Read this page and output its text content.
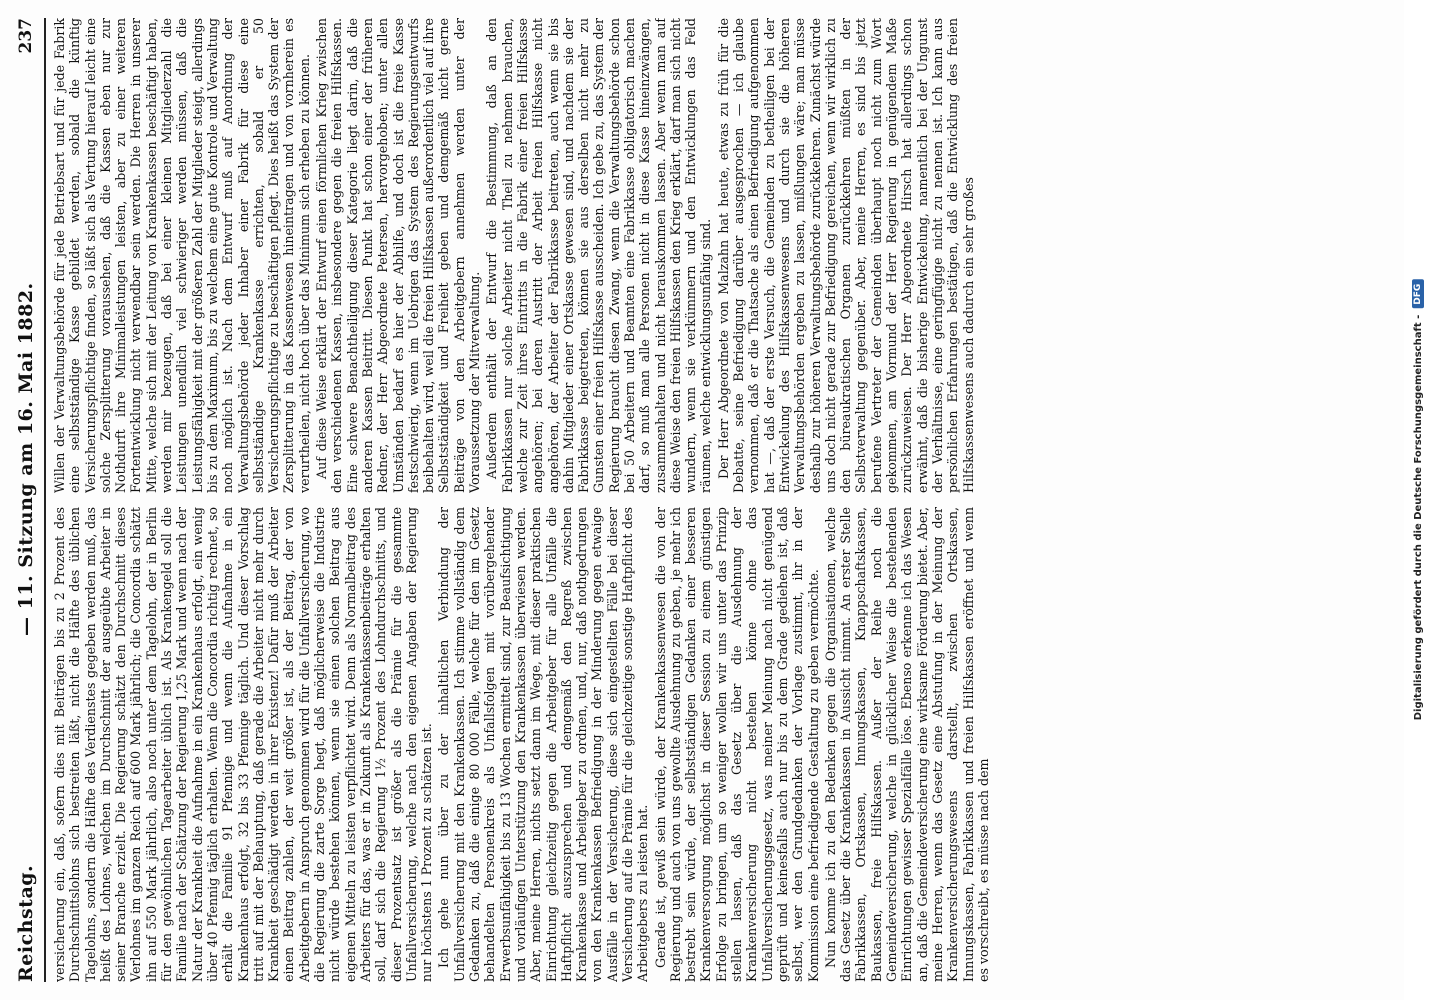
Reichstag.
— 11. Sitzung am 16. Mai 1882.
237

versicherung ein, daß, sofern dies mit Beiträgen bis zu 2 Prozent des Durchschnittslohns sich bestreiten läßt, nicht die Hälfte des üblichen Tagelohns, sondern die Hälfte des Verdienstes gegeben werden muß, das heißt des Lohnes, welchen im Durchschnitt der ausgeübte Arbeiter in seiner Branche erzielt. Die Regierung schätzt den Durchschnitt dieses Verlohnes im ganzen Reich auf 600 Mark jährlich; die Concordia schätzt ihn auf 550 Mark jährlich, also noch unter dem Tagelohn, der in Berlin für den gewöhnlichen Tagearbeiter üblich ist. Als Krankengeld soll die Familie nach der Schätzung der Regierung 1,25 Mark und wenn nach der Natur der Krankheit die Aufnahme in ein Krankenhaus erfolgt, ein wenig über 40 Pfennig täglich erhalten. Wenn die Concordia richtig rechnet, so erhält die Familie 91 Pfennige und wenn die Aufnahme in ein Krankenhaus erfolgt, 32 bis 33 Pfennige täglich. Und dieser Vorschlag tritt auf mit der Behauptung, daß gerade die Arbeiter nicht mehr durch Krankheit geschädigt werden in ihrer Existenz! Dafür muß der Arbeiter einen Beitrag zahlen, der weit größer ist, als der Beitrag, der von Arbeitgebern in Anspruch genommen wird für die Unfallversicherung, wo die Regierung die zarte Sorge hegt, daß möglicherweise die Industrie nicht würde bestehen können, wenn sie einen solchen Beitrag aus eigenen Mitteln zu leisten verpflichtet wird. Denn als Normalbeitrag des Arbeiters für das, was er in Zukunft als Krankenkassenbeiträge erhalten soll, darf sich die Regierung 1½ Prozent des Lohndurchschnitts, und dieser Prozentsatz ist größer als die Prämie für die gesammte Unfallversicherung, welche nach den eigenen Angaben der Regierung nur höchstens 1 Prozent zu schätzen ist. Ich gehe nun über zu der inhaltlichen Verbindung der Unfallversicherung mit den Krankenkassen. Ich stimme vollständig dem Gedanken zu, daß die einige 80 000 Fälle, welche für den im Gesetz behandelten Personenkreis als Unfallsfolgen mit vorübergehender Erwerbsunfähigkeit bis zu 13 Wochen ermittelt sind, zur Beaufsichtigung und vorläufigen Unterstützung den Krankenkassen überwiesen werden. Aber, meine Herren, nichts setzt dann im Wege, mit dieser praktischen Einrichtung gleichzeitig gegen die Arbeitgeber für alle Unfälle die Haftpflicht auszusprechen und demgemäß den Regreß zwischen Krankenkasse und Arbeitgeber zu ordnen, und, nur, daß nothgedrungen von den Krankenkassen Befriedigung in der Minderung gegen etwaige Ausfälle in der Versicherung, diese sich eingestellten Fälle bei dieser Versicherung auf die Prämie für die gleichzeitige sonstige Haftpflicht des Arbeitgebers zu leisten hat. Gerade ist, gewiß sein würde, der Krankenkassenwesen die von der Regierung und auch von uns gewollte Ausdehnung zu geben, je mehr ich bestrebt sein würde, der selbstständigen Gedanken einer besseren Krankenversorgung möglichst in dieser Session zu einem günstigen Erfolge zu bringen, um so weniger wollen wir uns unter das Prinzip stellen lassen, daß das Gesetz über die Ausdehnung der Krankenversicherung nicht bestehen könne ohne das Unfallversicherungsgesetz, was meiner Meinung nach nicht genügend geprüft und keinesfalls auch nur bis zu dem Grade gediehen ist, daß selbst, wer den Grundgedanken der Vorlage zustimmt, ihr in der Kommission eine befriedigende Gestaltung zu geben vermöchte. Nun komme ich zu den Bedenken gegen die Organisationen, welche das Gesetz über die Krankenkassen in Aussicht nimmt. An erster Stelle Fabrikkassen, Ortskassen, Innungskassen, Knappschaftskassen, Baukassen, freie Hilfskassen. Außer der Reihe noch die Gemeindeversicherung, welche in glücklicher Weise die bestehenden Einrichtungen gewisser Spezialfälle löse. Ebenso erkenne ich das Wesen an, daß die Gemeindeversicherung eine wirksame Förderung bietet. Aber, meine Herren, wenn das Gesetz eine Abstufung in der Meinung der Krankenversicherungswesens darstellt, zwischen Ortskassen, Innungskassen, Fabrikkassen und freien Hilfskassen eröffnet und wenn es vorschreibt, es müsse nach dem

Willen der Verwaltungsbehörde für jede Betriebsart und für jede Fabrik eine selbstständige Kasse gebildet werden, sobald die künftig Versicherungspflichtige finden, so läßt sich als Vertung hierauf leicht eine solche Zersplitterung voraussehen, daß die Kassen eben nur zur Nothdurft ihre Minimalleistungen leisten, aber zu einer weiteren Fortentwicklung nicht verwendbar sein werden. Die Herren in unserer Mitte, welche sich mit der Leitung von Krankenkassen beschäftigt haben, werden mir bezeugen, daß bei einer kleinen Mitgliederzahl die Leistungen unendlich viel schwieriger werden müssen, daß die Leistungsfähigkeit mit der größeren Zahl der Mitglieder steigt, allerdings bis zu dem Maximum, bis zu welchem eine gute Kontrole und Verwaltung noch möglich ist. Nach dem Entwurf muß auf Anordnung der Verwaltungsbehörde jeder Inhaber einer Fabrik für diese eine selbstständige Krankenkasse errichten, sobald er 50 Versicherungspflichtige zu beschäftigen pflegt. Dies heißt das System der Zersplitterung in das Kassenwesen hineintragen und von vornherein es verurtheilen, nicht hoch über das Minimum sich erheben zu können. Auf diese Weise erklärt der Entwurf einen förmlichen Krieg zwischen den verschiedenen Kassen, insbesondere gegen die freien Hilfskassen. Eine schwere Benachtheiligung dieser Kategorie liegt darin, daß die anderen Kassen Beitritt. Diesen Punkt hat schon einer der früheren Redner, der Herr Abgeordnete Petersen, hervorgehoben; unter allen Umständen bedarf es hier der Abhilfe, und doch ist die freie Kasse festschwierig, wenn im Uebrigen das System des Regierungsentwurfs beibehalten wird, weil die freien Hilfskassen außerordentlich viel auf ihre Selbstständigkeit und Freiheit geben und demgemäß nicht gerne Beiträge von den Arbeitgebern annehmen werden unter der Voraussetzung der Mitverwaltung. Außerdem enthält der Entwurf die Bestimmung, daß an den Fabrikkassen nur solche Arbeiter nicht Theil zu nehmen brauchen, welche zur Zeit ihres Eintritts in die Fabrik einer freien Hilfskasse angehören; bei deren Austritt der Arbeit freien Hilfskasse nicht angehören, der Arbeiter der Fabrikkasse beitreten, auch wenn sie bis dahin Mitglieder einer Ortskasse gewesen sind, und nachdem sie der Fabrikkasse beigetreten, können sie aus derselben nicht mehr zu Gunsten einer freien Hilfskasse ausscheiden. Ich gebe zu, das System der Regierung braucht diesen Zwang, wenn die Verwaltungsbehörde schon bei 50 Arbeitern und Beamten eine Fabrikkasse obligatorisch machen darf, so muß man alle Personen nicht in diese Kasse hineinzwängen, zusammenhalten und nicht herauskommen lassen. Aber wenn man auf diese Weise den freien Hilfskassen den Krieg erklärt, darf man sich nicht wundern, wenn sie verkümmern und den Entwicklungen das Feld räumen, welche entwicklungsunfähig sind. Der Herr Abgeordnete von Malzahn hat heute, etwas zu früh für die Debatte, seine Befriedigung darüber ausgesprochen — ich glaube vernommen, daß er die Thatsache als einen Befriedigung aufgenommen hat —, daß der erste Versuch, die Gemeinden zu betheiligen bei der Entwickelung des Hilfskassenwesens und durch sie die höheren Verwaltungsbehörden ergeben zu lassen, mißlungen wäre; man müsse deshalb zur höheren Verwaltungsbehörde zurückkehren. Zunächst würde uns doch nicht gerade zur Befriedigung gereichen, wenn wir wirklich zu den büreaukratischen Organen zurückkehren müßten in der Selbstverwaltung gegenüber. Aber, meine Herren, es sind bis jetzt berufene Vertreter der Gemeinden überhaupt noch nicht zum Wort gekommen, am Vormund der Herr Regierung in genügendem Maße zurückzuweisen. Der Herr Abgeordnete Hirsch hat allerdings schon erwähnt, daß die bisherige Entwickelung, namentlich bei der Ungunst der Verhältnisse, eine geringfügige nicht zu nennen ist. Ich kann aus persönlichen Erfahrungen bestätigen, daß die Entwicklung des freien Hilfskassenwesens auch dadurch ein sehr großes	Digitalisierung gefördert durch die Deutsche Forschungsgemeinschaft -
DFG
